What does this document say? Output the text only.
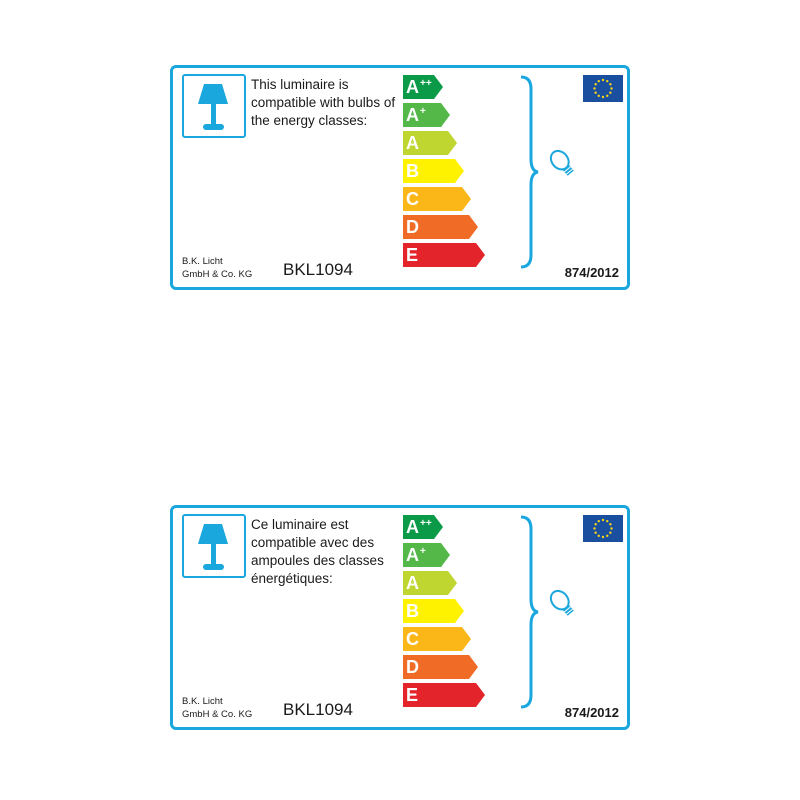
This luminaire is compatible with bulbs of the energy classes:
A++
A+
A
B
C
D
E
B.K. Licht
GmbH & Co. KG	BKL1094	874/2012
Ce luminaire est compatible avec des ampoules des classes énergétiques:
A++
A+
A
B
C
D
E
B.K. Licht
GmbH & Co. KG	BKL1094	874/2012
